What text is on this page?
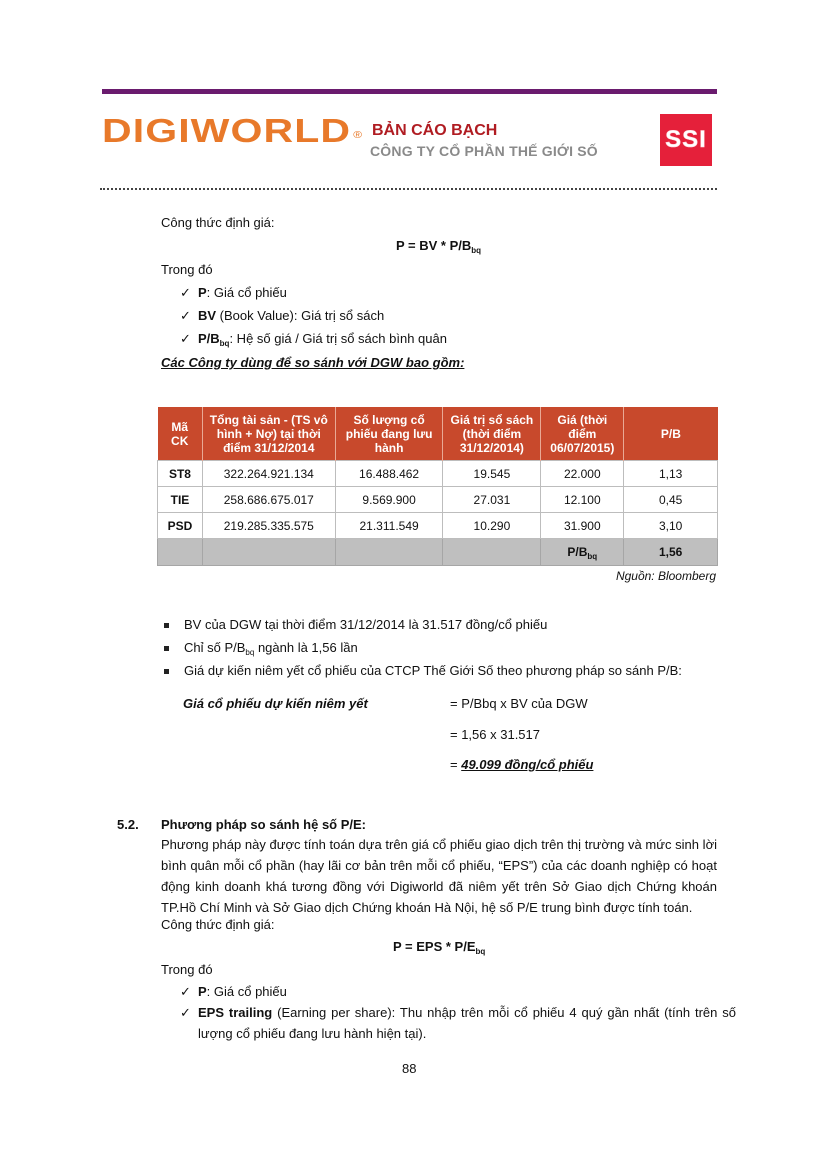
DIGIWORLD ® BẢN CÁO BẠCH
CÔNG TY CỔ PHẦN THẾ GIỚI SỐ	SSI
Công thức định giá:
P = BV * $P/B_{bq}$
Trong đó
✓ P: Giá cổ phiếu
✓ BV (Book Value): Giá trị sổ sách
✓ $P/B_{bq}$: Hệ số giá / Giá trị sổ sách bình quân
Các Công ty dùng để so sánh với DGW bao gồm:
Mã CK	Tổng tài sản - (TS vô hình + Nợ) tại thời điểm 31/12/2014	Số lượng cổ phiếu đang lưu hành	Giá trị sổ sách (thời điểm 31/12/2014)	Giá (thời điểm 06/07/2015)	P/B
ST8	322.264.921.134	16.488.462	19.545	22.000	1,13
TIE	258.686.675.017	9.569.900	27.031	12.100	0,45
PSD	219.285.335.575	21.311.549	10.290	31.900	3,10
				$P/B_{bq}$	1,56
Nguồn: Bloomberg
BV của DGW tại thời điểm 31/12/2014 là 31.517 đồng/cổ phiếu
Chỉ số $P/B_{bq}$ ngành là 1,56 lần
Giá dự kiến niêm yết cổ phiếu của CTCP Thế Giới Số theo phương pháp so sánh P/B:
Giá cổ phiếu dự kiến niêm yết	= P/Bbq x BV của DGW
= 1,56 x 31.517
= 49.099 đồng/cổ phiếu
5.2. Phương pháp so sánh hệ số P/E:
Phương pháp này được tính toán dựa trên giá cổ phiếu giao dịch trên thị trường và mức sinh lời bình quân mỗi cổ phần (hay lãi cơ bản trên mỗi cổ phiếu, “EPS”) của các doanh nghiệp có hoạt động kinh doanh khá tương đồng với Digiworld đã niêm yết trên Sở Giao dịch Chứng khoán TP.Hồ Chí Minh và Sở Giao dịch Chứng khoán Hà Nội, hệ số P/E trung bình được tính toán.
Công thức định giá:
P = EPS * $P/E_{bq}$
Trong đó
✓ P: Giá cổ phiếu
✓ EPS trailing (Earning per share): Thu nhập trên mỗi cổ phiếu 4 quý gần nhất (tính trên số lượng cổ phiếu đang lưu hành hiện tại).
88
